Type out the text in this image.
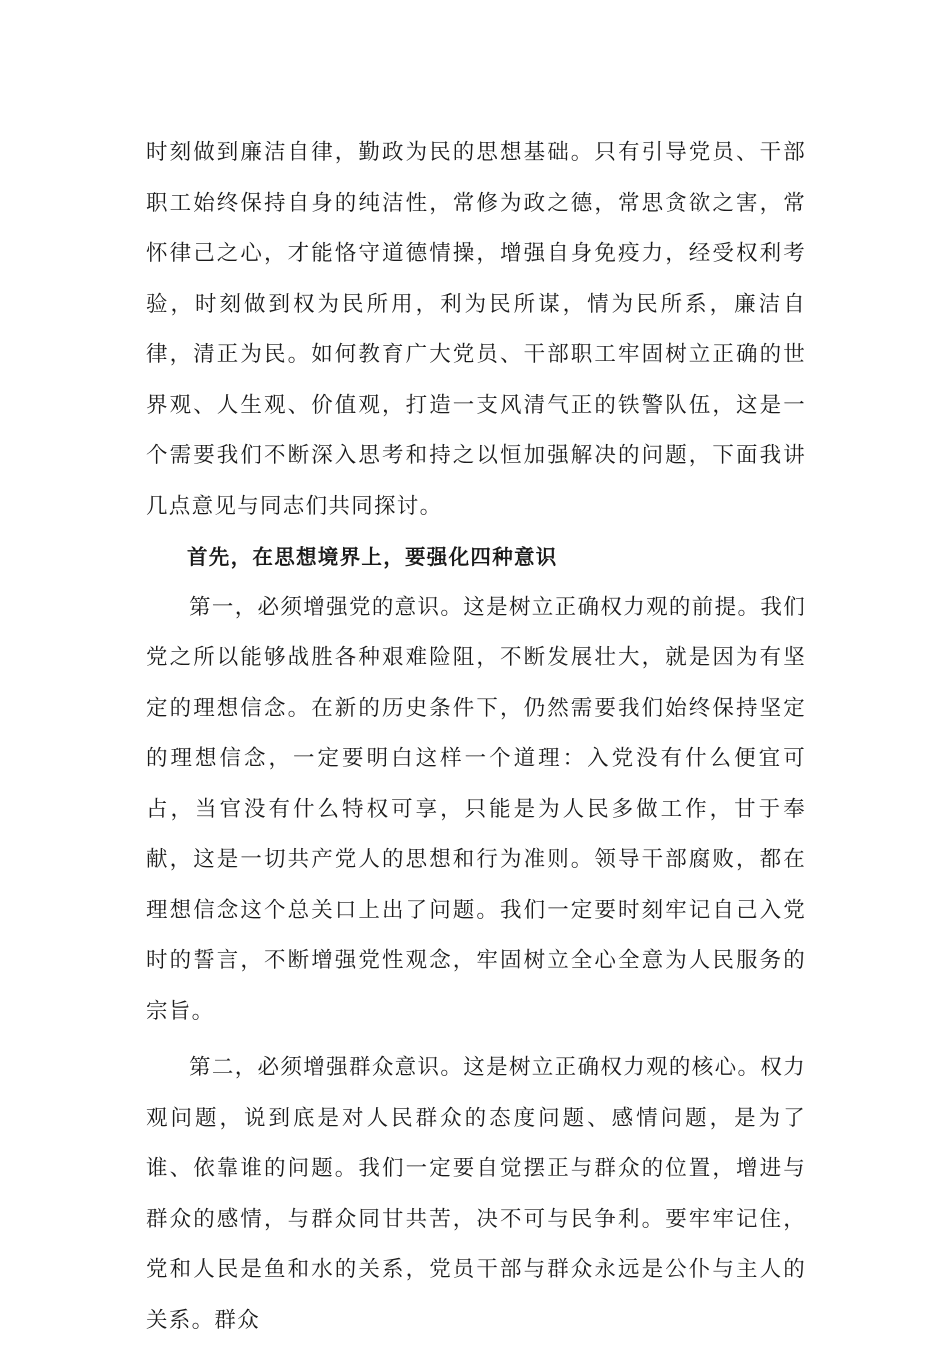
时刻做到廉洁自律，勤政为民的思想基础。只有引导党员、干部职工始终保持自身的纯洁性，常修为政之德，常思贪欲之害，常怀律己之心，才能恪守道德情操，增强自身免疫力，经受权利考验，时刻做到权为民所用，利为民所谋，情为民所系，廉洁自律，清正为民。如何教育广大党员、干部职工牢固树立正确的世界观、人生观、价值观，打造一支风清气正的铁警队伍，这是一个需要我们不断深入思考和持之以恒加强解决的问题，下面我讲几点意见与同志们共同探讨。

首先，在思想境界上，要强化四种意识

第一，必须增强党的意识。这是树立正确权力观的前提。我们党之所以能够战胜各种艰难险阻，不断发展壮大，就是因为有坚定的理想信念。在新的历史条件下，仍然需要我们始终保持坚定的理想信念，一定要明白这样一个道理：入党没有什么便宜可占，当官没有什么特权可享，只能是为人民多做工作，甘于奉献，这是一切共产党人的思想和行为准则。领导干部腐败，都在理想信念这个总关口上出了问题。我们一定要时刻牢记自己入党时的誓言，不断增强党性观念，牢固树立全心全意为人民服务的宗旨。

第二，必须增强群众意识。这是树立正确权力观的核心。权力观问题，说到底是对人民群众的态度问题、感情问题，是为了谁、依靠谁的问题。我们一定要自觉摆正与群众的位置，增进与群众的感情，与群众同甘共苦，决不可与民争利。要牢牢记住，党和人民是鱼和水的关系，党员干部与群众永远是公仆与主人的关系。群众
